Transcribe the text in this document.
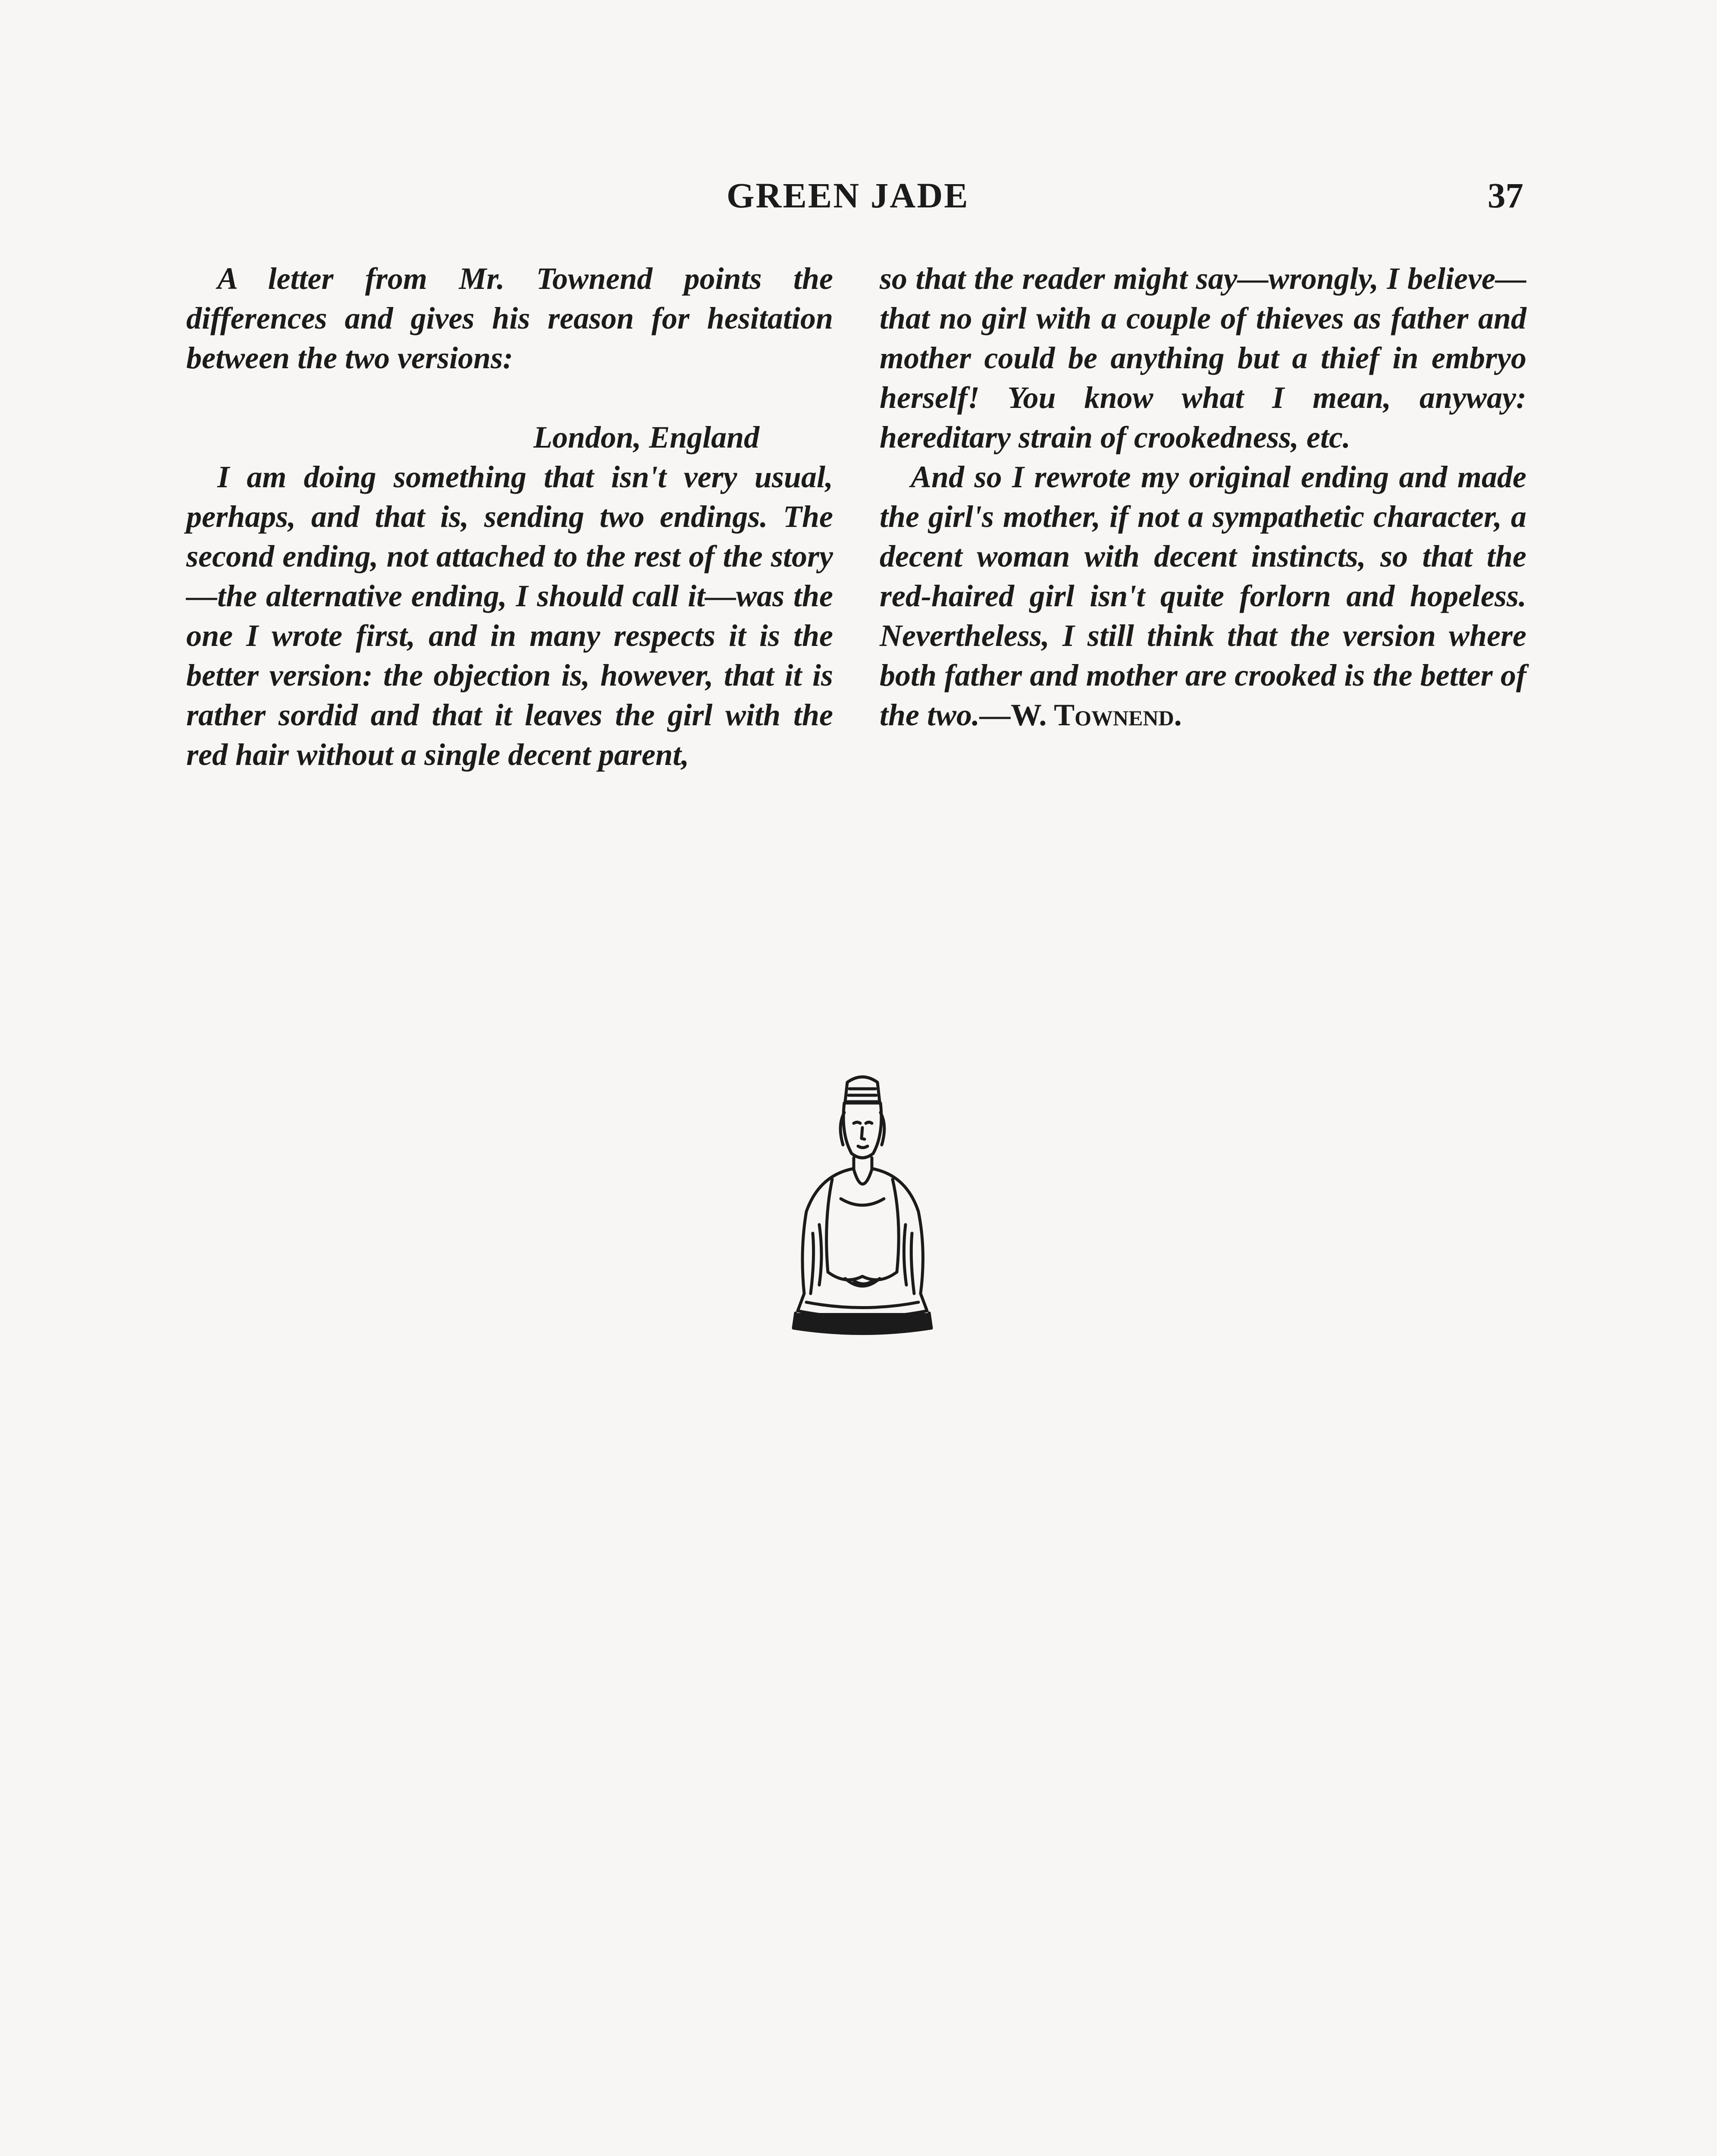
GREEN JADE	37

A letter from Mr. Townend points the differences and gives his reason for hesitation between the two versions:

London, England

I am doing something that isn't very usual, perhaps, and that is, sending two endings. The second ending, not attached to the rest of the story—the alternative ending, I should call it—was the one I wrote first, and in many respects it is the better version: the objection is, however, that it is rather sordid and that it leaves the girl with the red hair without a single decent parent,

so that the reader might say—wrongly, I believe—that no girl with a couple of thieves as father and mother could be anything but a thief in embryo herself! You know what I mean, anyway: hereditary strain of crookedness, etc.

And so I rewrote my original ending and made the girl's mother, if not a sympathetic character, a decent woman with decent instincts, so that the red-haired girl isn't quite forlorn and hopeless. Nevertheless, I still think that the version where both father and mother are crooked is the better of the two.—W. Townend.
